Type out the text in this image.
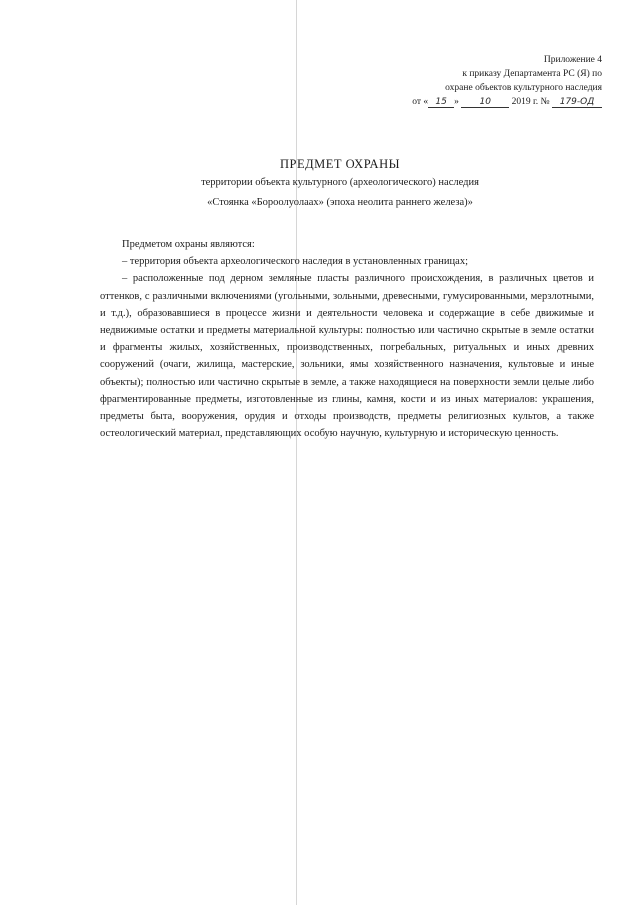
Приложение 4
к приказу Департамента РС (Я) по
охране объектов культурного наследия
от « 15 » 10 2019 г. № 179-ОД
ПРЕДМЕТ ОХРАНЫ
территории объекта культурного (археологического) наследия
«Стоянка «Бороолуолаах» (эпоха неолита раннего железа)»

Предметом охраны являются:

– территория объекта археологического наследия в установленных границах;

– расположенные под дерном земляные пласты различного происхождения, в различных цветов и оттенков, с различными включениями (угольными, зольными, древесными, гумусированными, мерзлотными, и т.д.), образовавшиеся в процессе жизни и деятельности человека и содержащие в себе движимые и недвижимые остатки и предметы материальной культуры: полностью или частично скрытые в земле остатки и фрагменты жилых, хозяйственных, производственных, погребальных, ритуальных и иных древних сооружений (очаги, жилища, мастерские, зольники, ямы хозяйственного назначения, культовые и иные объекты); полностью или частично скрытые в земле, а также находящиеся на поверхности земли целые либо фрагментированные предметы, изготовленные из глины, камня, кости и из иных материалов: украшения, предметы быта, вооружения, орудия и отходы производств, предметы религиозных культов, а также остеологический материал, представляющих особую научную, культурную и историческую ценность.
